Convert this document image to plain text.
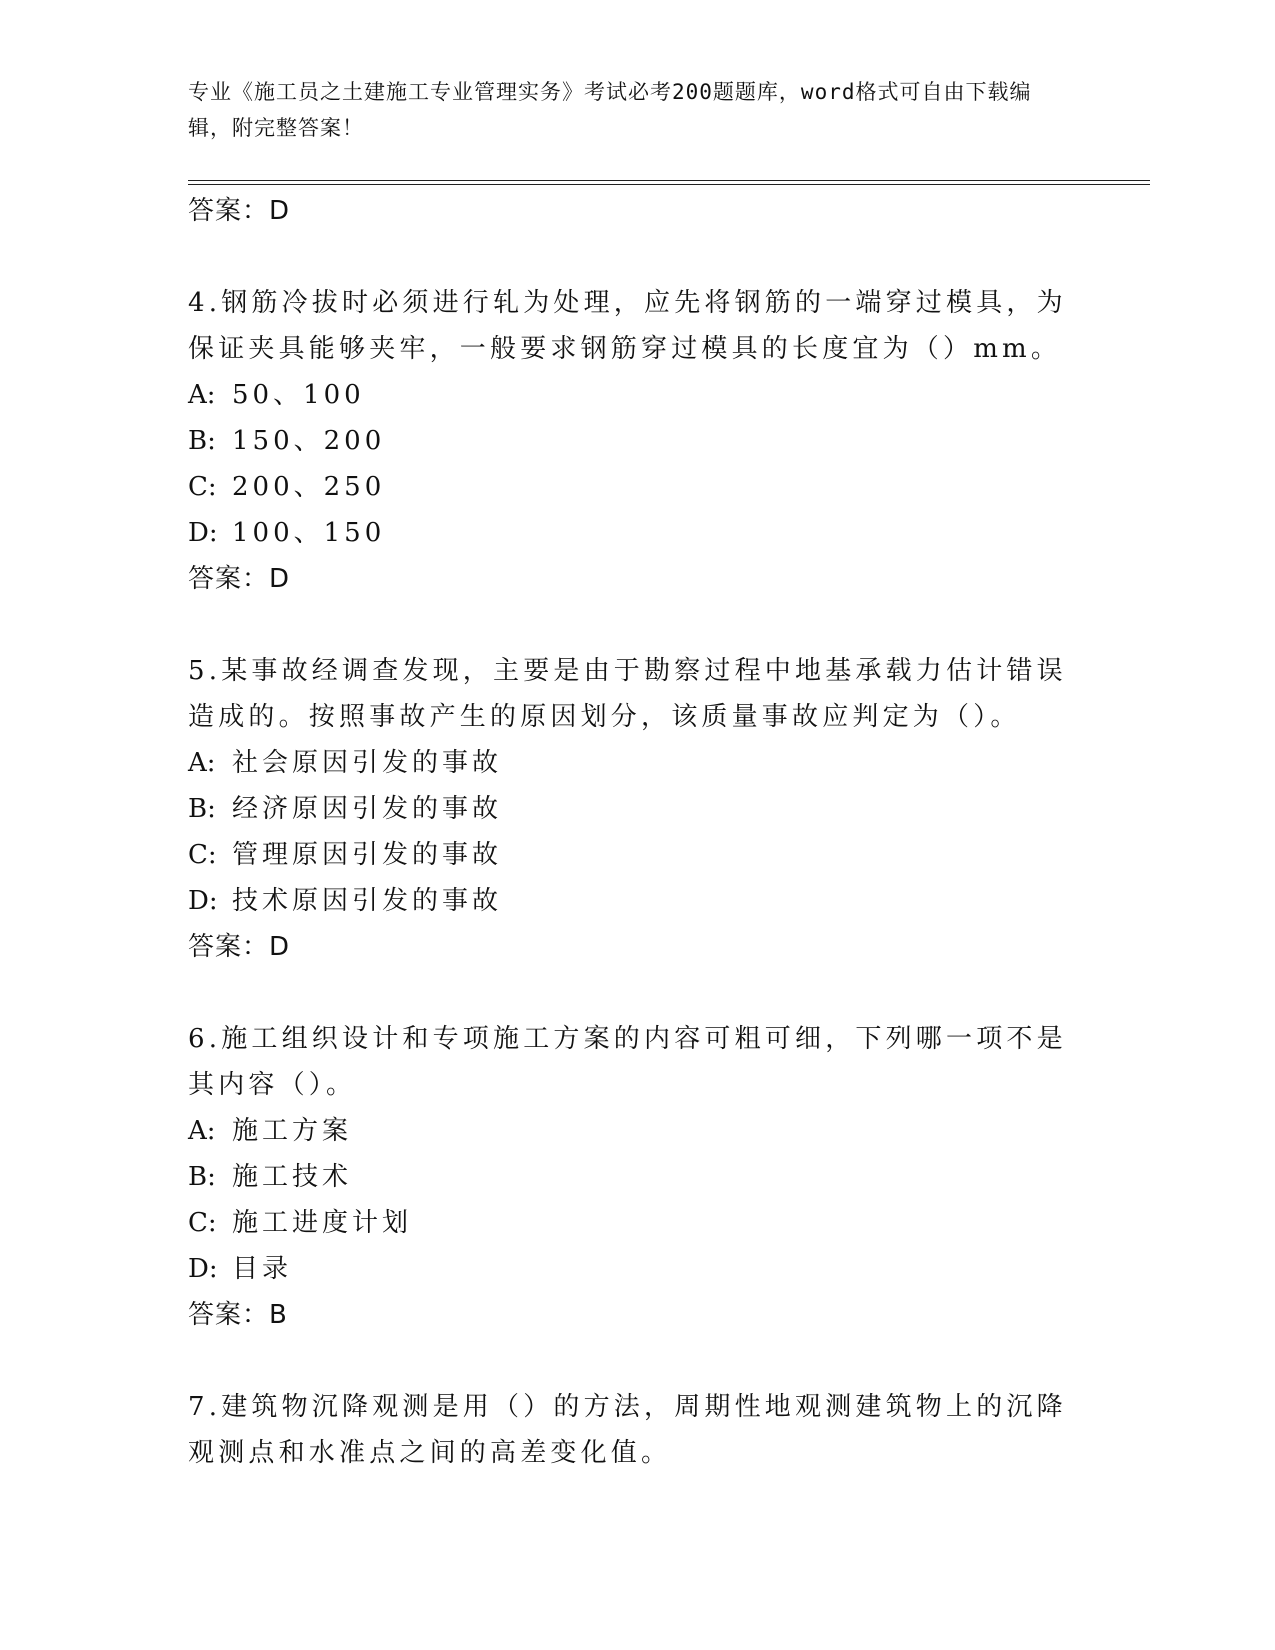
专业《施工员之土建施工专业管理实务》考试必考200题题库，word格式可自由下载编辑，附完整答案！
答案：D
4.钢筋冷拔时必须进行轧为处理，应先将钢筋的一端穿过模具，为保证夹具能够夹牢，一般要求钢筋穿过模具的长度宜为（）mm。
A: 50、100
B: 150、200
C: 200、250
D: 100、150
答案：D
5.某事故经调查发现，主要是由于勘察过程中地基承载力估计错误造成的。按照事故产生的原因划分，该质量事故应判定为（）。
A: 社会原因引发的事故
B: 经济原因引发的事故
C: 管理原因引发的事故
D: 技术原因引发的事故
答案：D
6.施工组织设计和专项施工方案的内容可粗可细，下列哪一项不是其内容（）。
A: 施工方案
B: 施工技术
C: 施工进度计划
D: 目录
答案：B
7.建筑物沉降观测是用（）的方法，周期性地观测建筑物上的沉降观测点和水准点之间的高差变化值。
